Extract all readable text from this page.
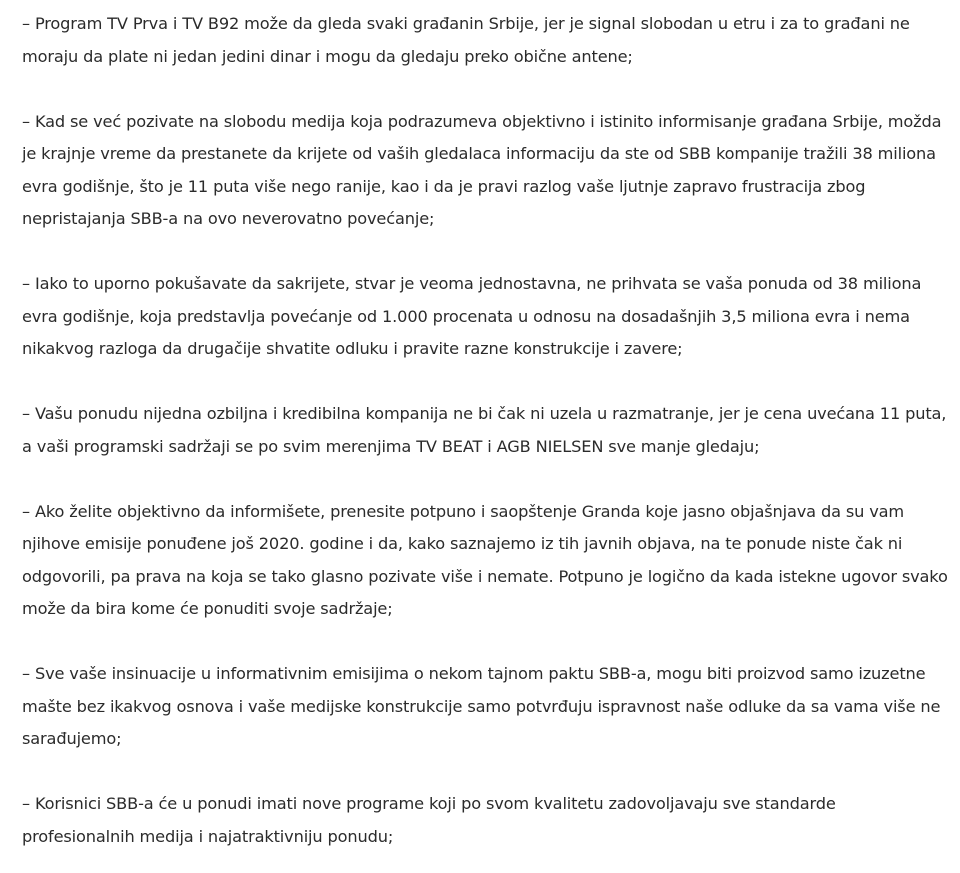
– Program TV Prva i TV B92 može da gleda svaki građanin Srbije, jer je signal slobodan u etru i za to građani ne moraju da plate ni jedan jedini dinar i mogu da gledaju preko obične antene;

– Kad se već pozivate na slobodu medija koja podrazumeva objektivno i istinito informisanje građana Srbije, možda je krajnje vreme da prestanete da krijete od vaših gledalaca informaciju da ste od SBB kompanije tražili 38 miliona evra godišnje, što je 11 puta više nego ranije, kao i da je pravi razlog vaše ljutnje zapravo frustracija zbog nepristajanja SBB-a na ovo neverovatno povećanje;

– Iako to uporno pokušavate da sakrijete, stvar je veoma jednostavna, ne prihvata se vaša ponuda od 38 miliona evra godišnje, koja predstavlja povećanje od 1.000 procenata u odnosu na dosadašnjih 3,5 miliona evra i nema nikakvog razloga da drugačije shvatite odluku i pravite razne konstrukcije i zavere;

– Vašu ponudu nijedna ozbiljna i kredibilna kompanija ne bi čak ni uzela u razmatranje, jer je cena uvećana 11 puta, a vaši programski sadržaji se po svim merenjima TV BEAT i AGB NIELSEN sve manje gledaju;

– Ako želite objektivno da informišete, prenesite potpuno i saopštenje Granda koje jasno objašnjava da su vam njihove emisije ponuđene još 2020. godine i da, kako saznajemo iz tih javnih objava, na te ponude niste čak ni odgovorili, pa prava na koja se tako glasno pozivate više i nemate. Potpuno je logično da kada istekne ugovor svako može da bira kome će ponuditi svoje sadržaje;

– Sve vaše insinuacije u informativnim emisijima o nekom tajnom paktu SBB-a, mogu biti proizvod samo izuzetne mašte bez ikakvog osnova i vaše medijske konstrukcije samo potvrđuju ispravnost naše odluke da sa vama više ne sarađujemo;

– Korisnici SBB-a će u ponudi imati nove programe koji po svom kvalitetu zadovoljavaju sve standarde profesionalnih medija i najatraktivniju ponudu;
